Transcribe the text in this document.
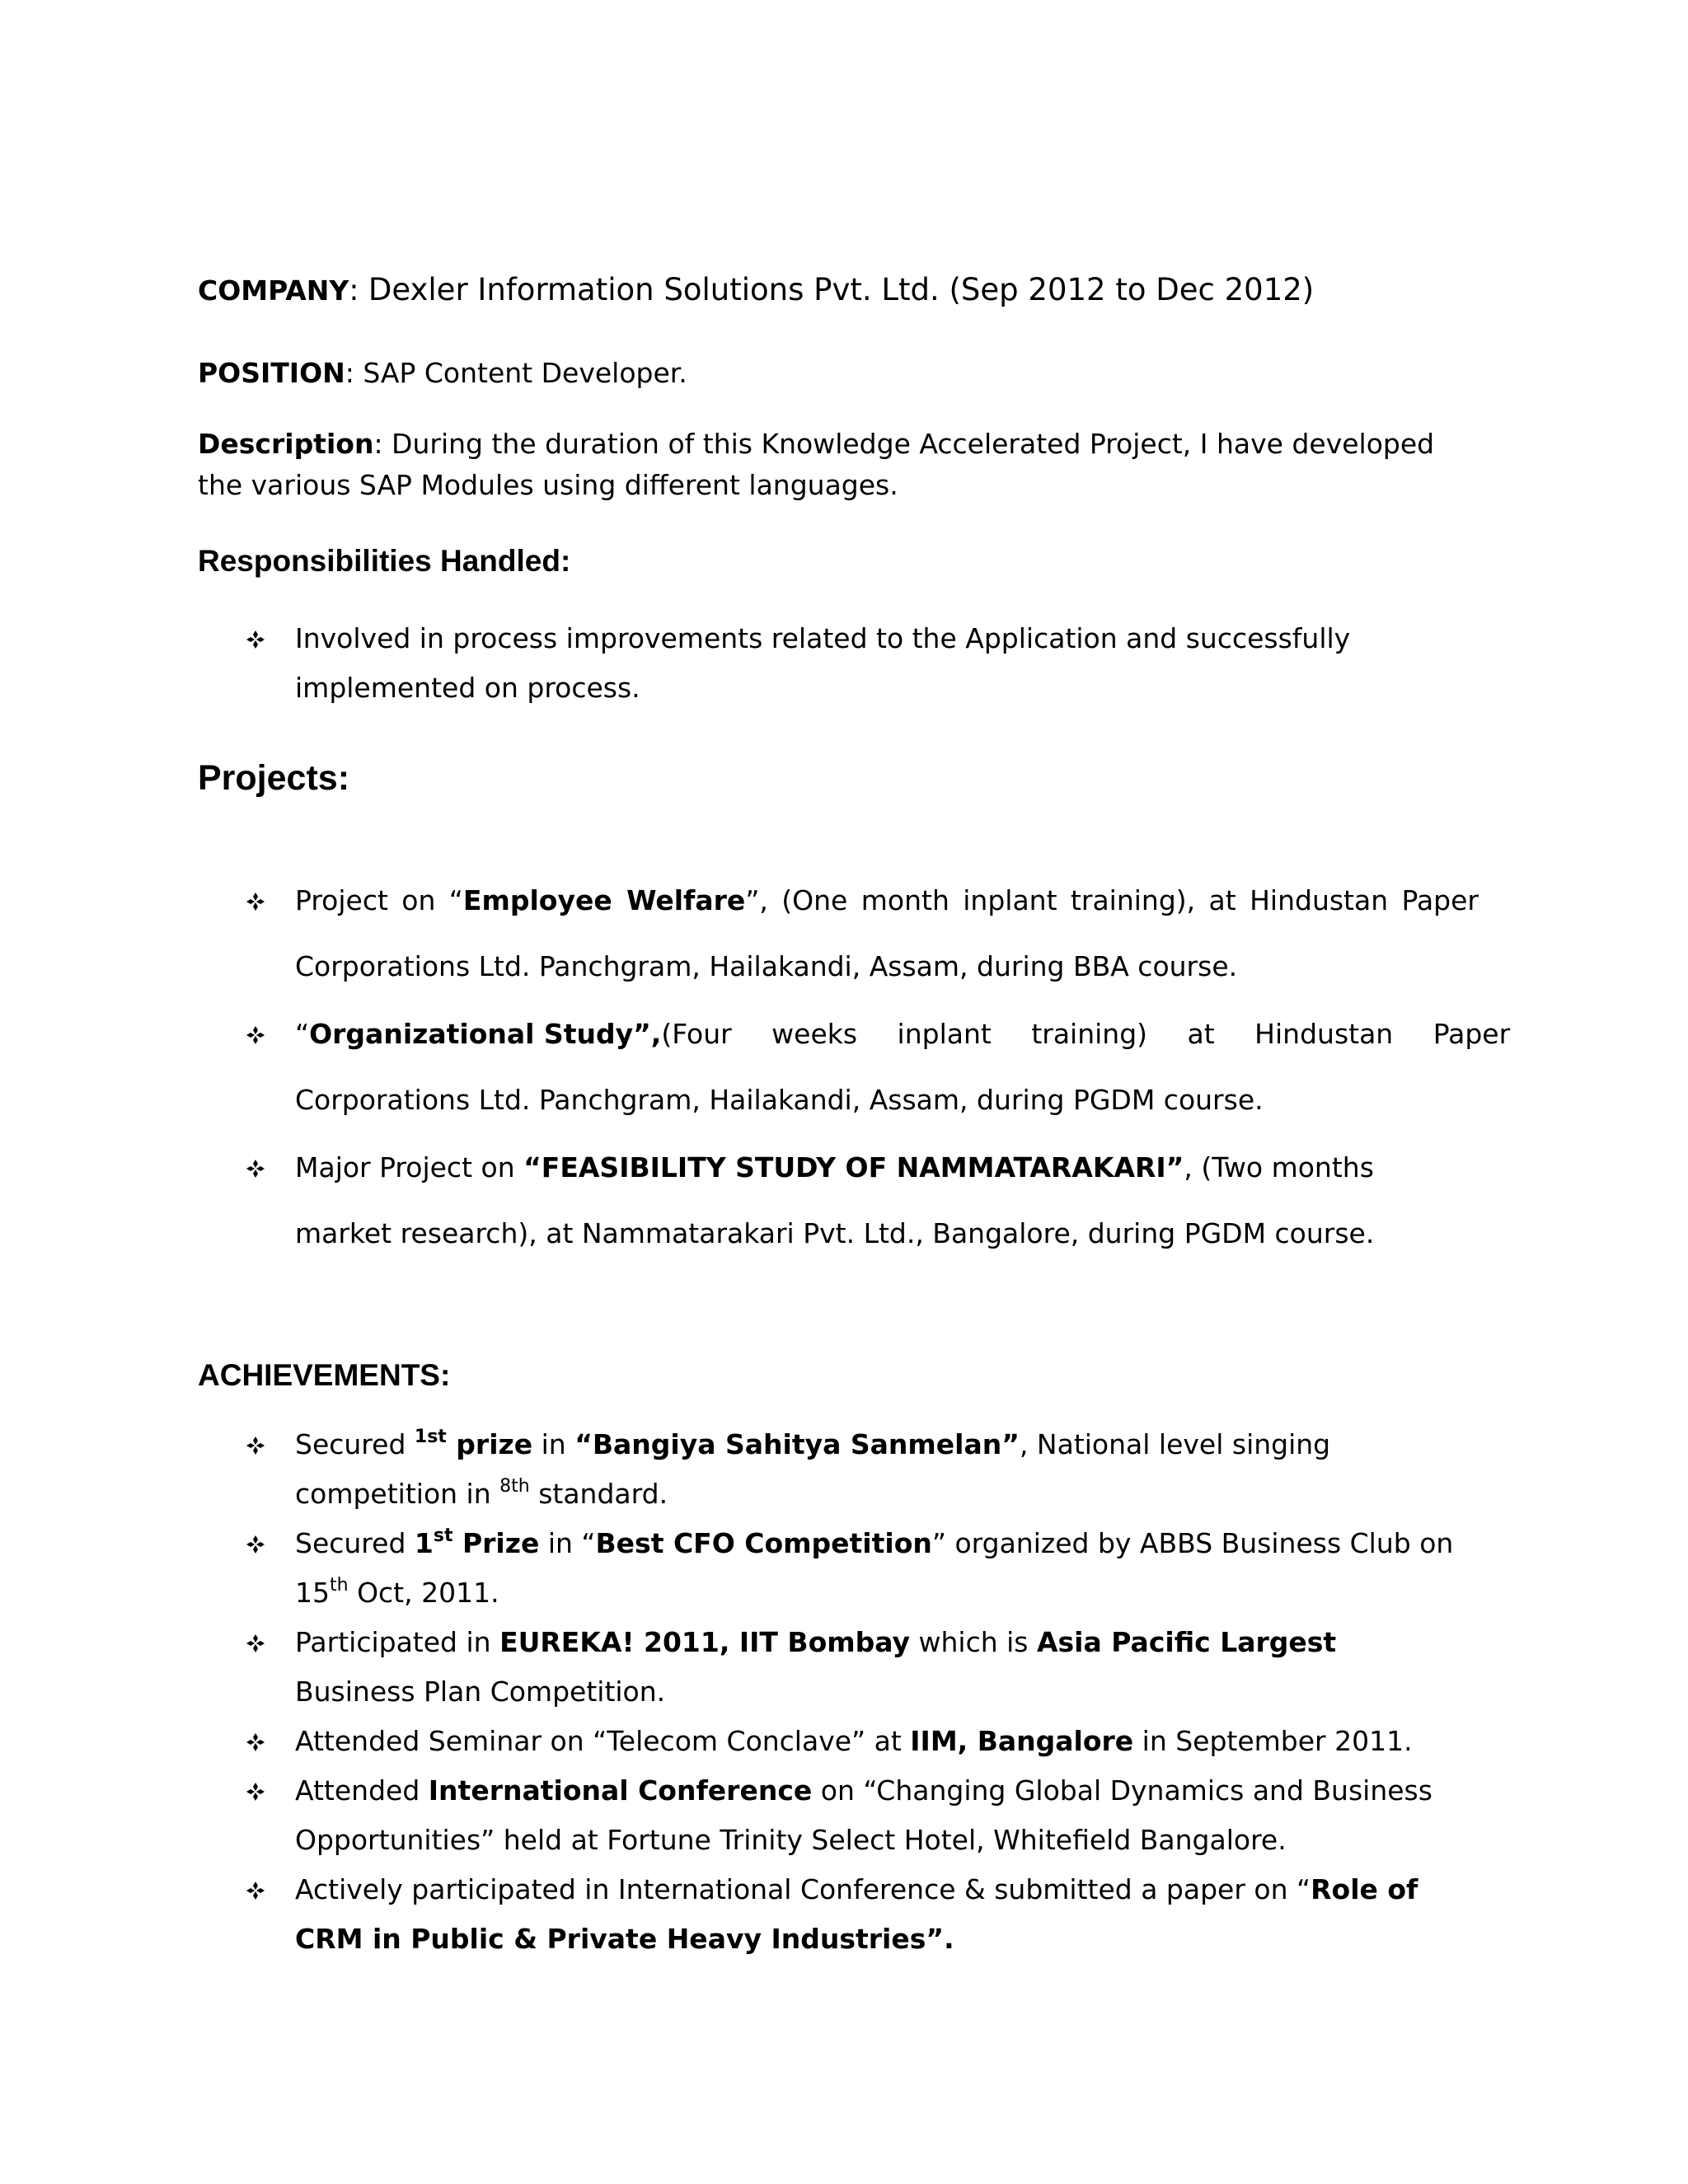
COMPANY: Dexler Information Solutions Pvt. Ltd. (Sep 2012 to Dec 2012)
POSITION: SAP Content Developer.
Description: During the duration of this Knowledge Accelerated Project, I have developed
the various SAP Modules using different languages.
Responsibilities Handled:
Involved in process improvements related to the Application and successfully
implemented on process.
Projects:
Project on “Employee Welfare”, (One month inplant training), at Hindustan Paper
Corporations Ltd. Panchgram, Hailakandi, Assam, during BBA course.
“Organizational Study”, (Four weeks inplant training) at Hindustan Paper
Corporations Ltd. Panchgram, Hailakandi, Assam, during PGDM course.
Major Project on “FEASIBILITY STUDY OF NAMMATARAKARI”, (Two months
market research), at Nammatarakari Pvt. Ltd., Bangalore, during PGDM course.
ACHIEVEMENTS:
Secured $^{1st}$ prize in “Bangiya Sahitya Sanmelan”, National level singing
competition in $^{8th}$ standard.
Secured 1st Prize in “Best CFO Competition” organized by ABBS Business Club on
15th Oct, 2011.
Participated in EUREKA! 2011, IIT Bombay which is Asia Pacific Largest
Business Plan Competition.
Attended Seminar on “Telecom Conclave” at IIM, Bangalore in September 2011.
Attended International Conference on “Changing Global Dynamics and Business
Opportunities” held at Fortune Trinity Select Hotel, Whitefield Bangalore.
Actively participated in International Conference & submitted a paper on “Role of
CRM in Public & Private Heavy Industries”.
